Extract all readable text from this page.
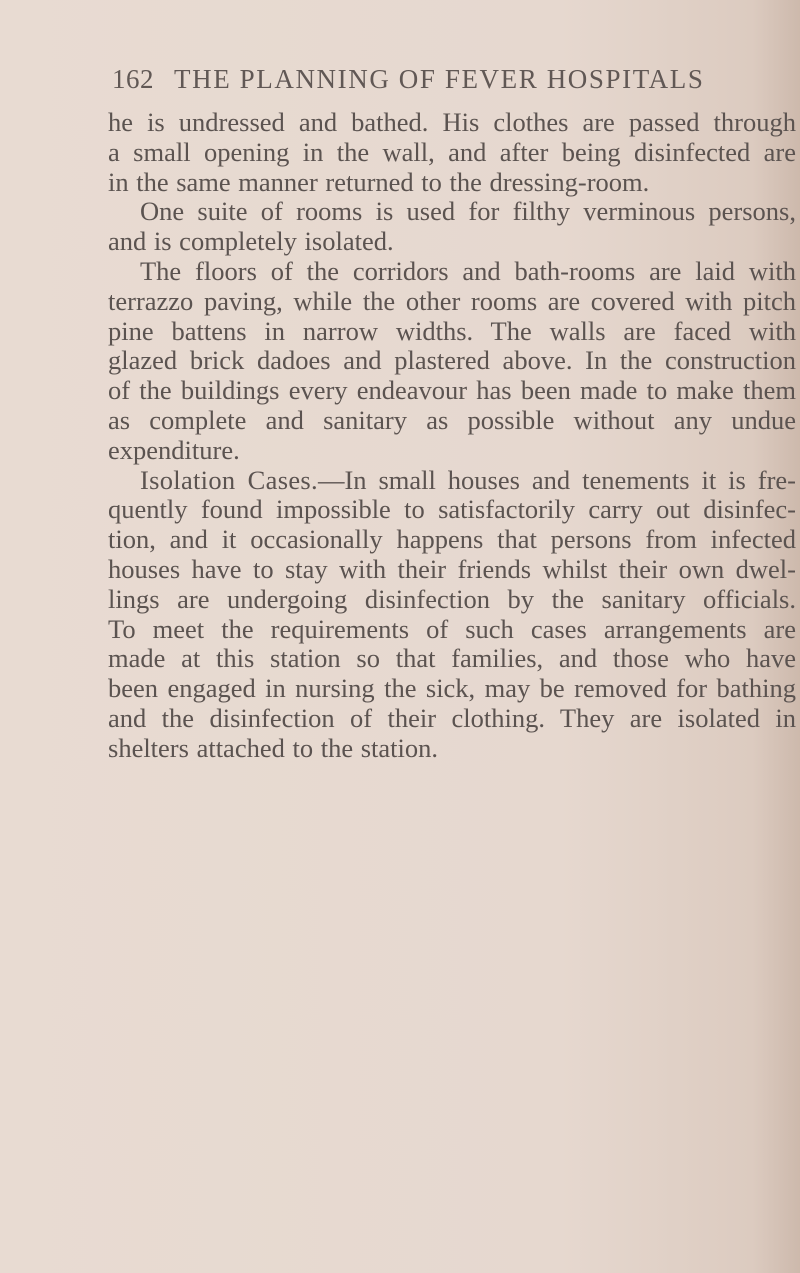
162 THE PLANNING OF FEVER HOSPITALS
he is undressed and bathed. His clothes are passed through
a small opening in the wall, and after being disinfected are
in the same manner returned to the dressing-room.
One suite of rooms is used for filthy verminous persons,
and is completely isolated.
The floors of the corridors and bath-rooms are laid with
terrazzo paving, while the other rooms are covered with pitch
pine battens in narrow widths. The walls are faced with
glazed brick dadoes and plastered above. In the construction
of the buildings every endeavour has been made to make them
as complete and sanitary as possible without any undue
expenditure.
Isolation Cases.—In small houses and tenements it is fre-
quently found impossible to satisfactorily carry out disinfec-
tion, and it occasionally happens that persons from infected
houses have to stay with their friends whilst their own dwel-
lings are undergoing disinfection by the sanitary officials.
To meet the requirements of such cases arrangements are
made at this station so that families, and those who have
been engaged in nursing the sick, may be removed for bathing
and the disinfection of their clothing. They are isolated in
shelters attached to the station.
